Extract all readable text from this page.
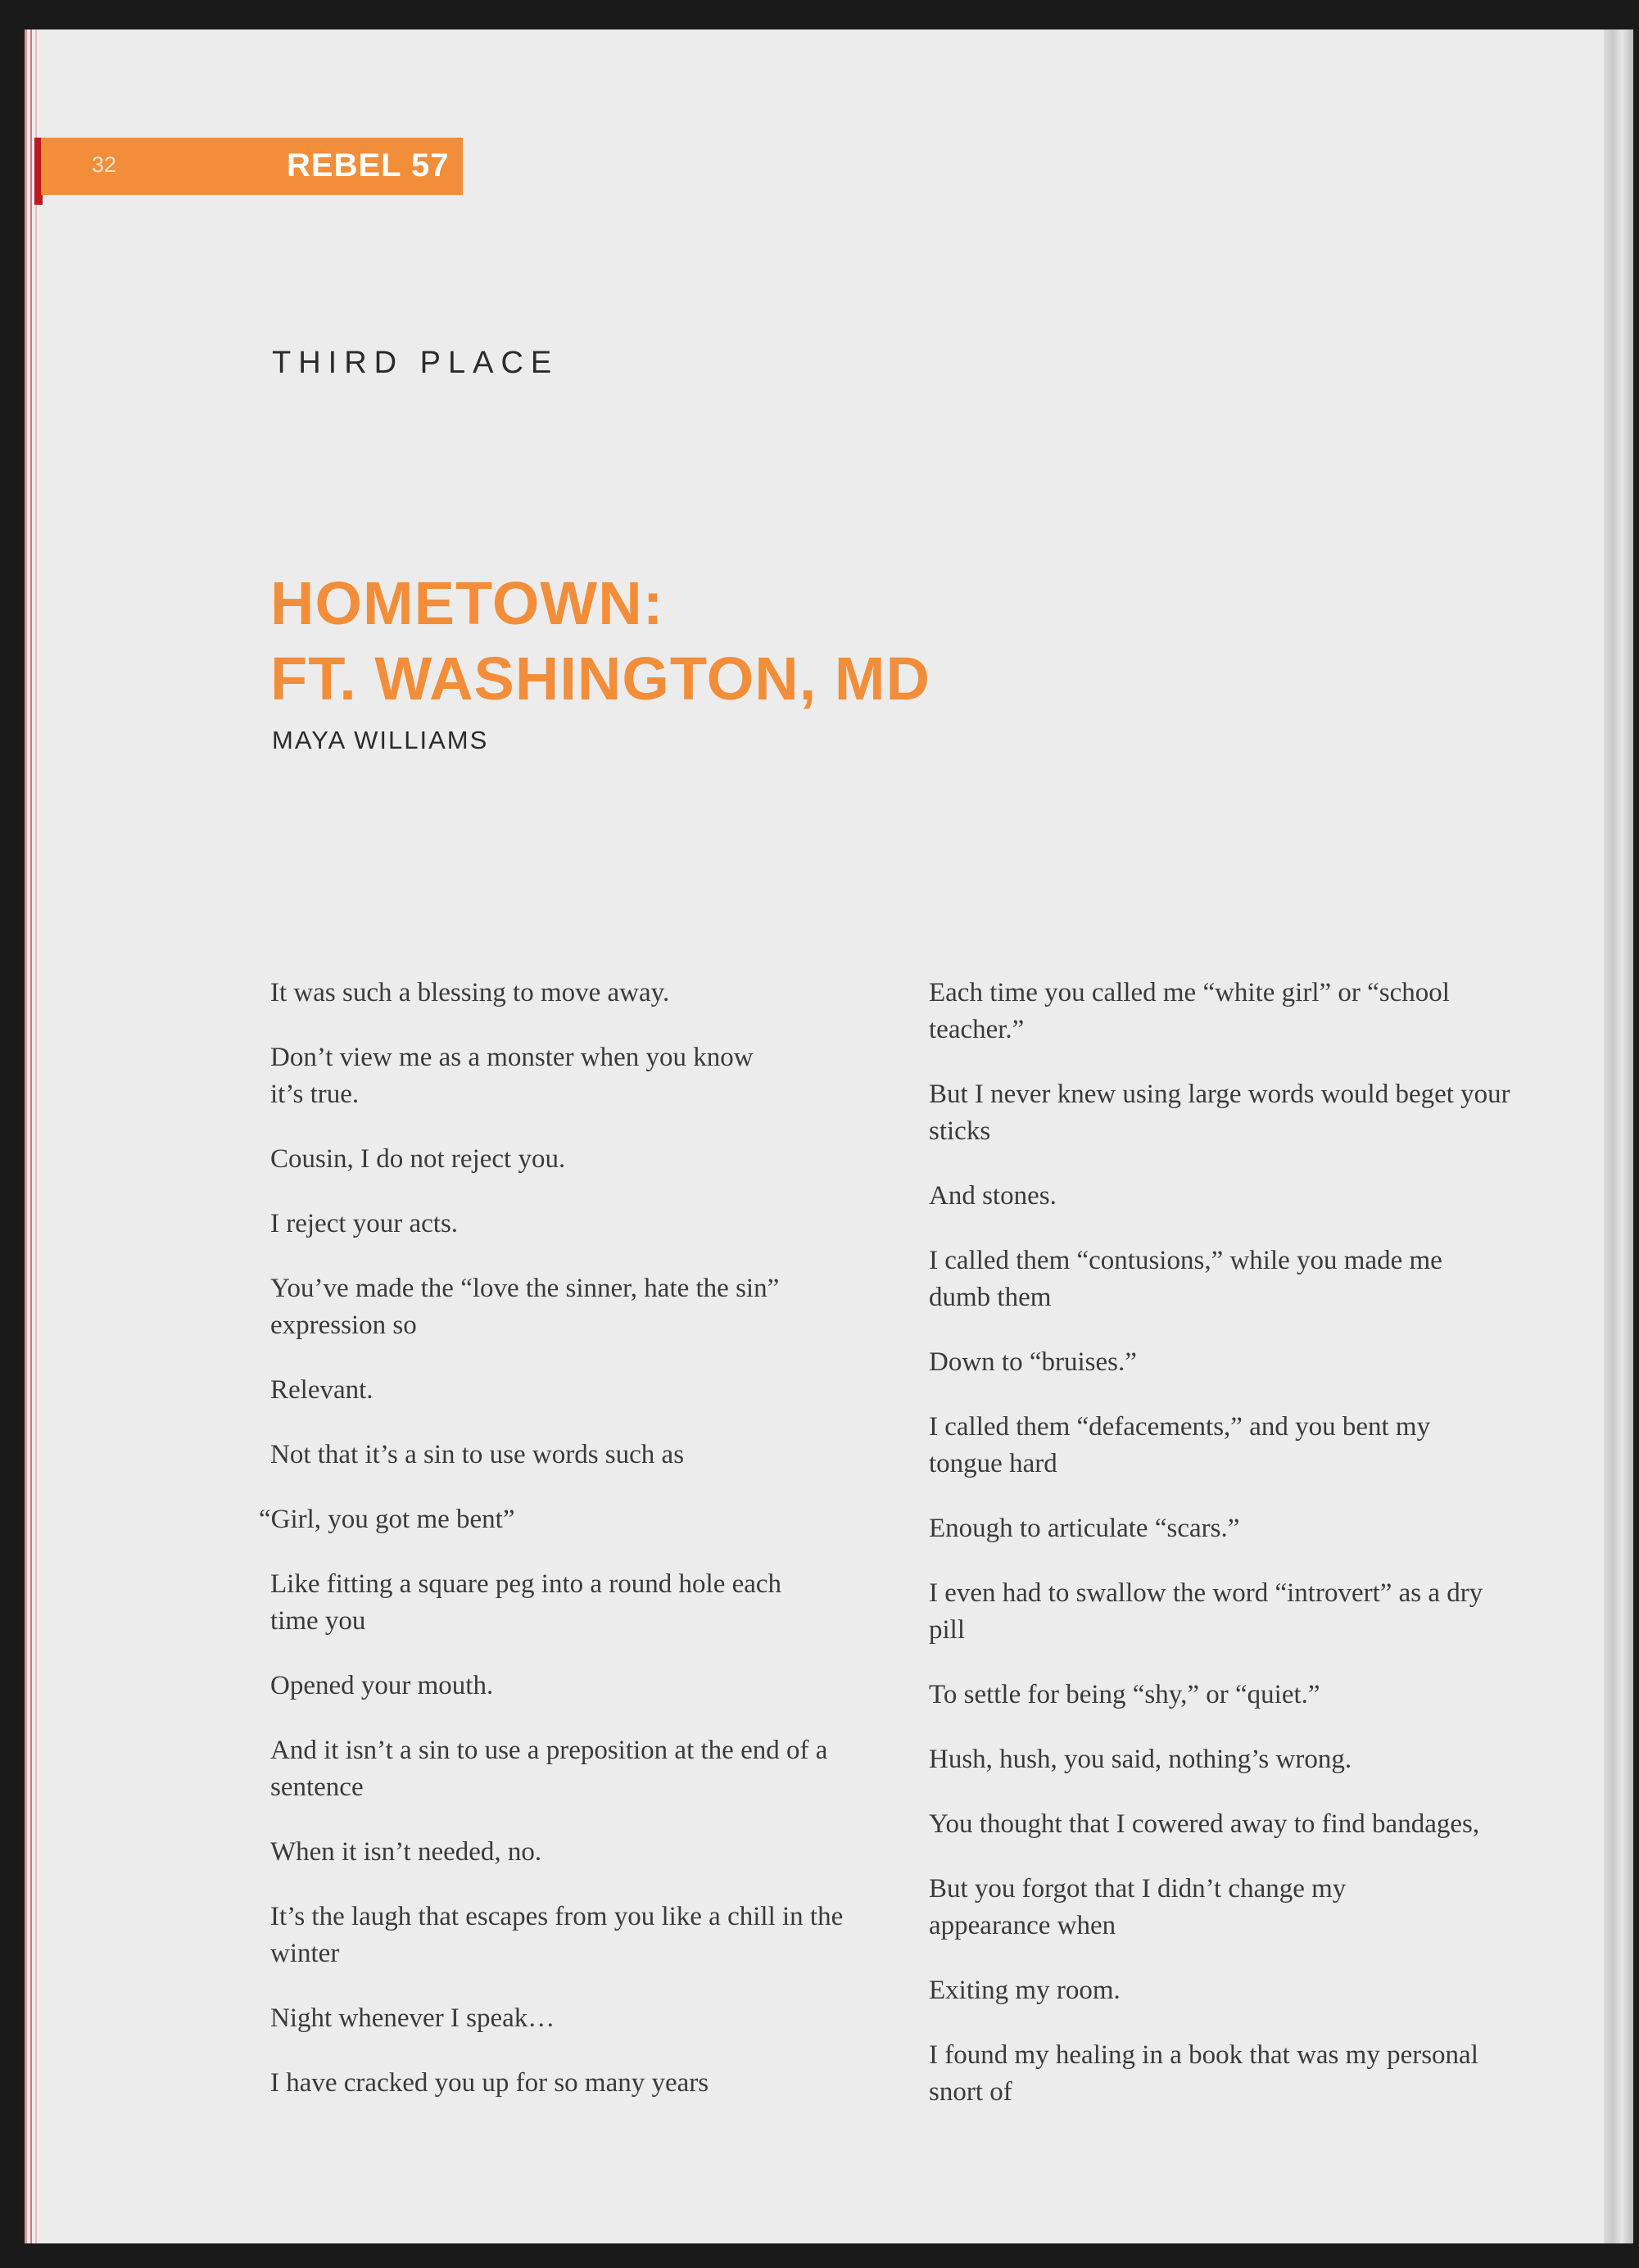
32	REBEL 57
THIRD PLACE
HOMETOWN:
FT. WASHINGTON, MD
MAYA WILLIAMS

It was such a blessing to move away.

Don’t view me as a monster when you know it’s true.

Cousin, I do not reject you.

I reject your acts.

You’ve made the “love the sinner, hate the sin” expression so

Relevant.

Not that it’s a sin to use words such as

“Girl, you got me bent”

Like fitting a square peg into a round hole each time you

Opened your mouth.

And it isn’t a sin to use a preposition at the end of a sentence

When it isn’t needed, no.

It’s the laugh that escapes from you like a chill in the winter

Night whenever I speak…

I have cracked you up for so many years

Each time you called me “white girl” or “school teacher.”

But I never knew using large words would beget your sticks

And stones.

I called them “contusions,” while you made me dumb them

Down to “bruises.”

I called them “defacements,” and you bent my tongue hard

Enough to articulate “scars.”

I even had to swallow the word “introvert” as a dry pill

To settle for being “shy,” or “quiet.”

Hush, hush, you said, nothing’s wrong.

You thought that I cowered away to find bandages,

But you forgot that I didn’t change my appearance when

Exiting my room.

I found my healing in a book that was my personal snort of
